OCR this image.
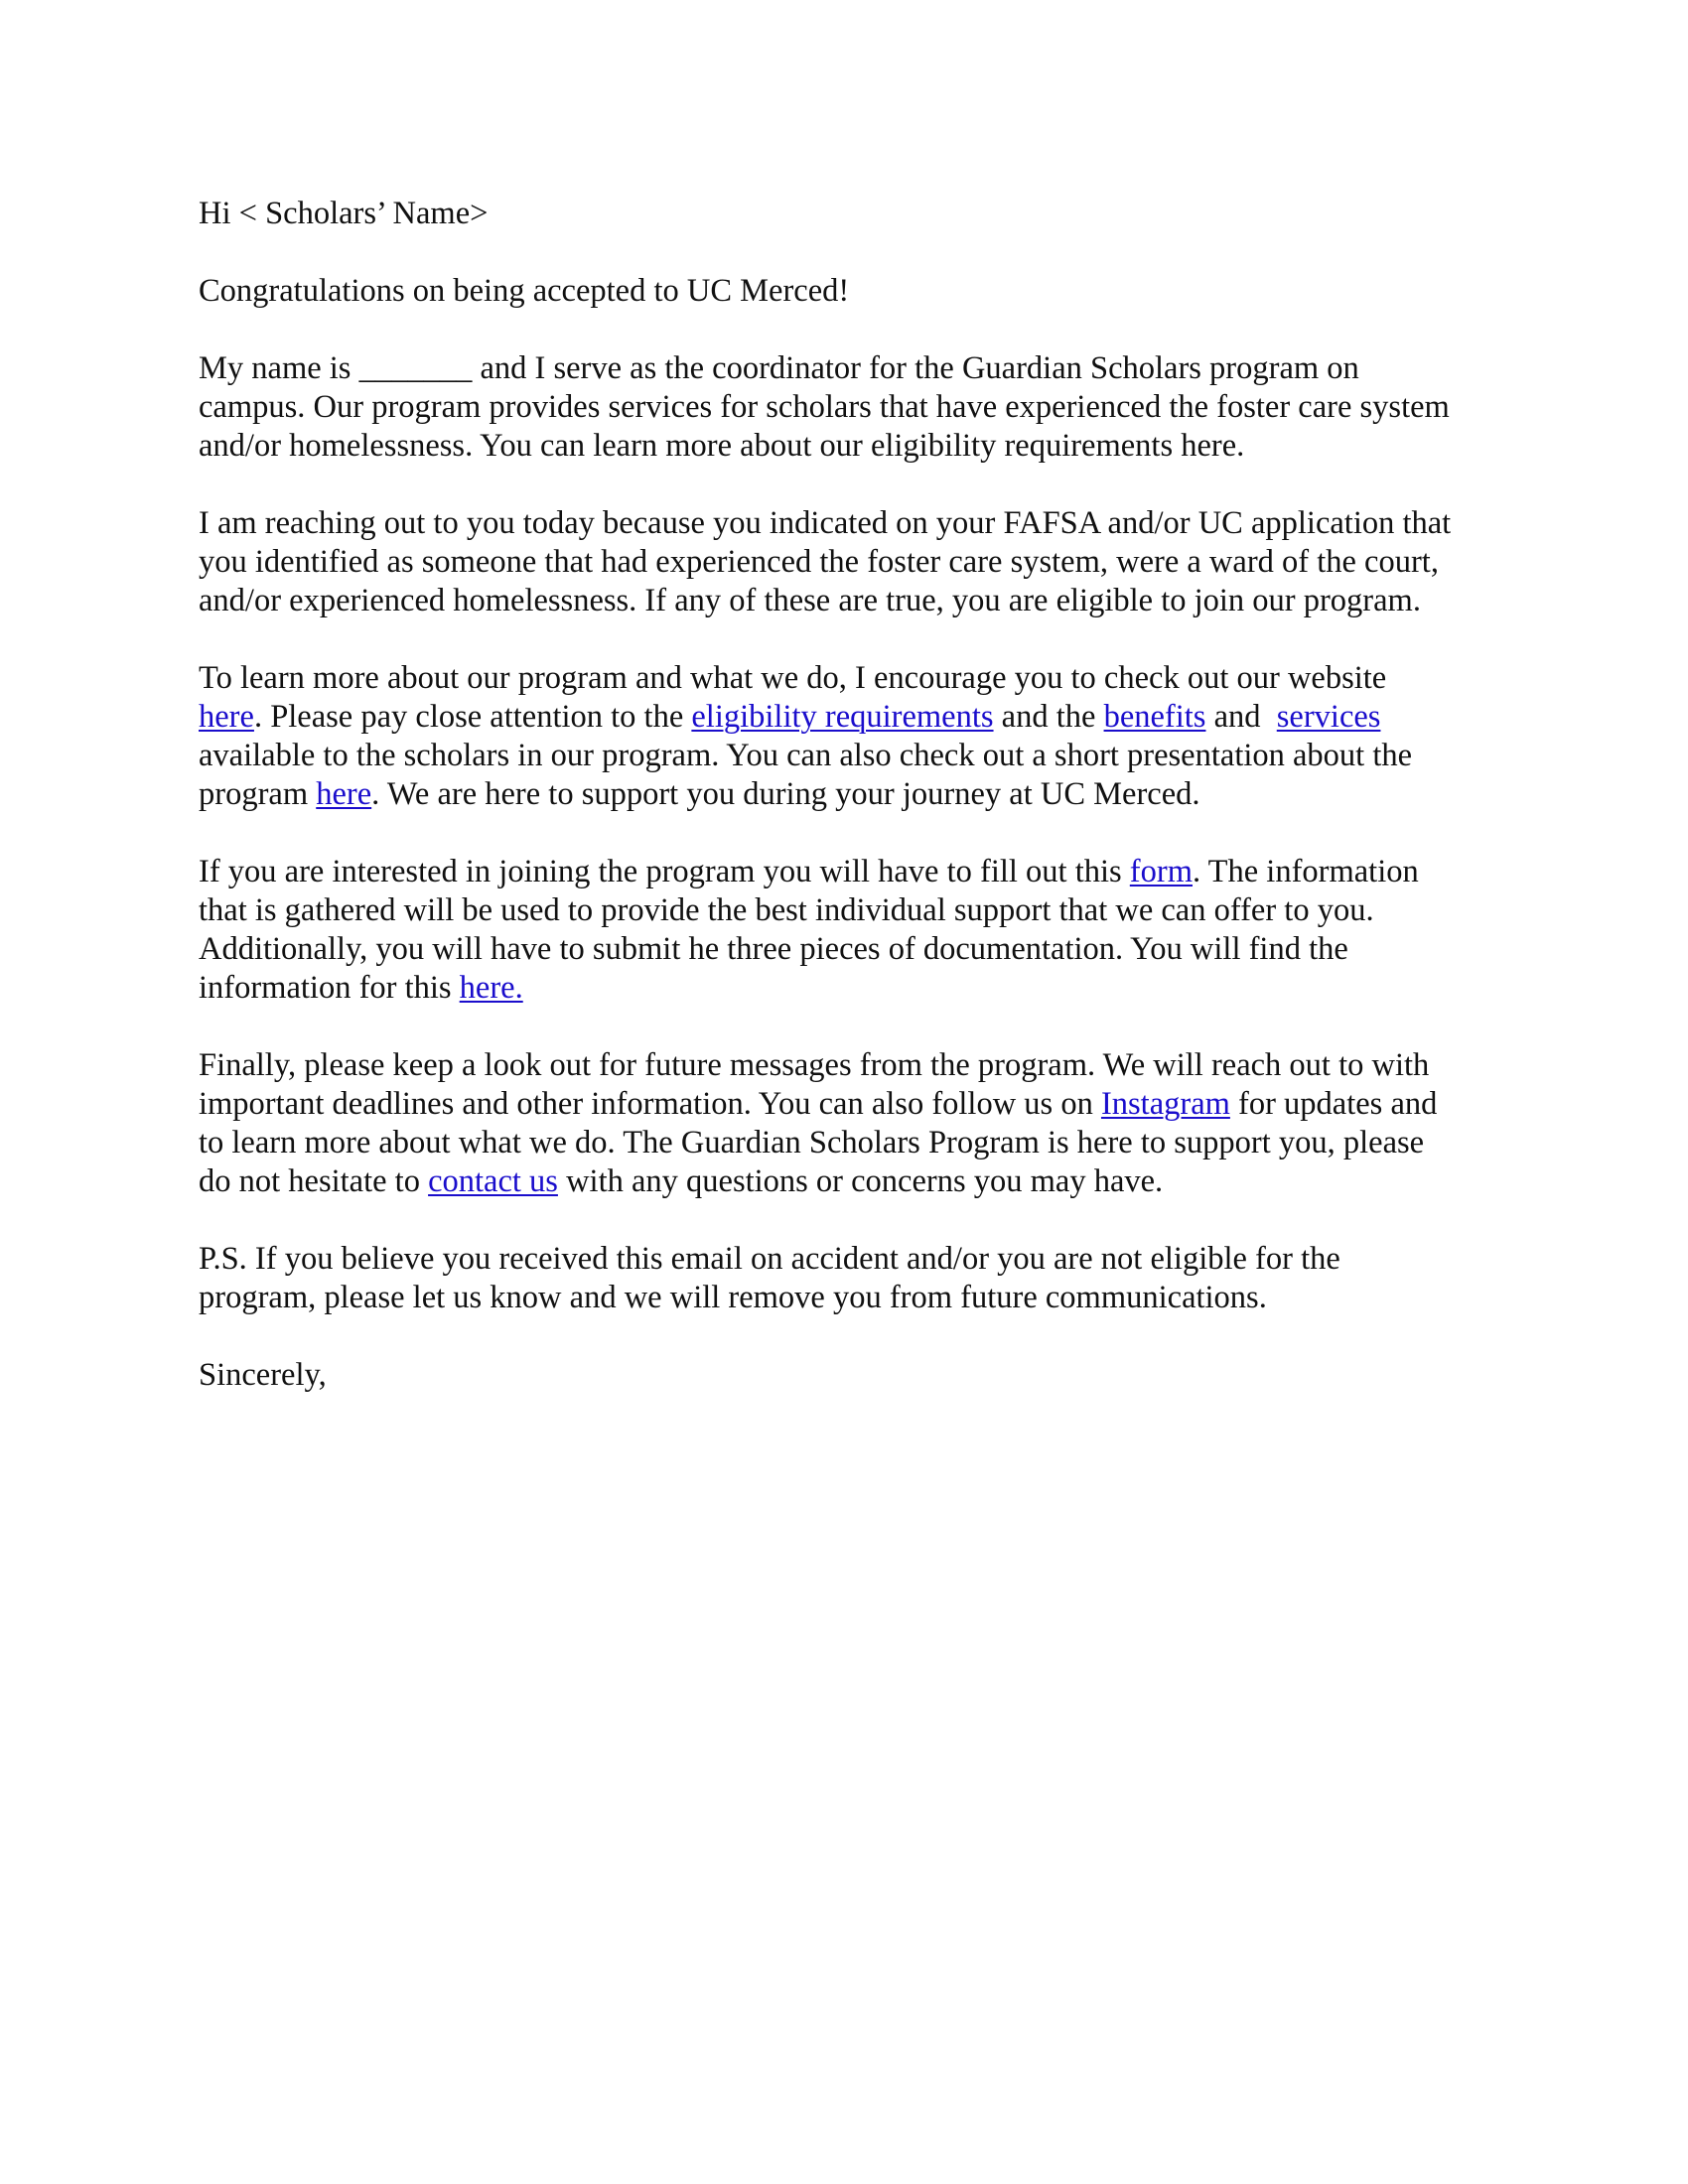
Hi < Scholars’ Name>

Congratulations on being accepted to UC Merced!

My name is _______ and I serve as the coordinator for the Guardian Scholars program on
campus. Our program provides services for scholars that have experienced the foster care system
and/or homelessness. You can learn more about our eligibility requirements here.

I am reaching out to you today because you indicated on your FAFSA and/or UC application that
you identified as someone that had experienced the foster care system, were a ward of the court,
and/or experienced homelessness. If any of these are true, you are eligible to join our program.

To learn more about our program and what we do, I encourage you to check out our website
here. Please pay close attention to the eligibility requirements and the benefits and  services
available to the scholars in our program. You can also check out a short presentation about the
program here. We are here to support you during your journey at UC Merced.

If you are interested in joining the program you will have to fill out this form. The information
that is gathered will be used to provide the best individual support that we can offer to you.
Additionally, you will have to submit he three pieces of documentation. You will find the
information for this here.

Finally, please keep a look out for future messages from the program. We will reach out to with
important deadlines and other information. You can also follow us on Instagram for updates and
to learn more about what we do. The Guardian Scholars Program is here to support you, please
do not hesitate to contact us with any questions or concerns you may have.

P.S. If you believe you received this email on accident and/or you are not eligible for the
program, please let us know and we will remove you from future communications.

Sincerely,
